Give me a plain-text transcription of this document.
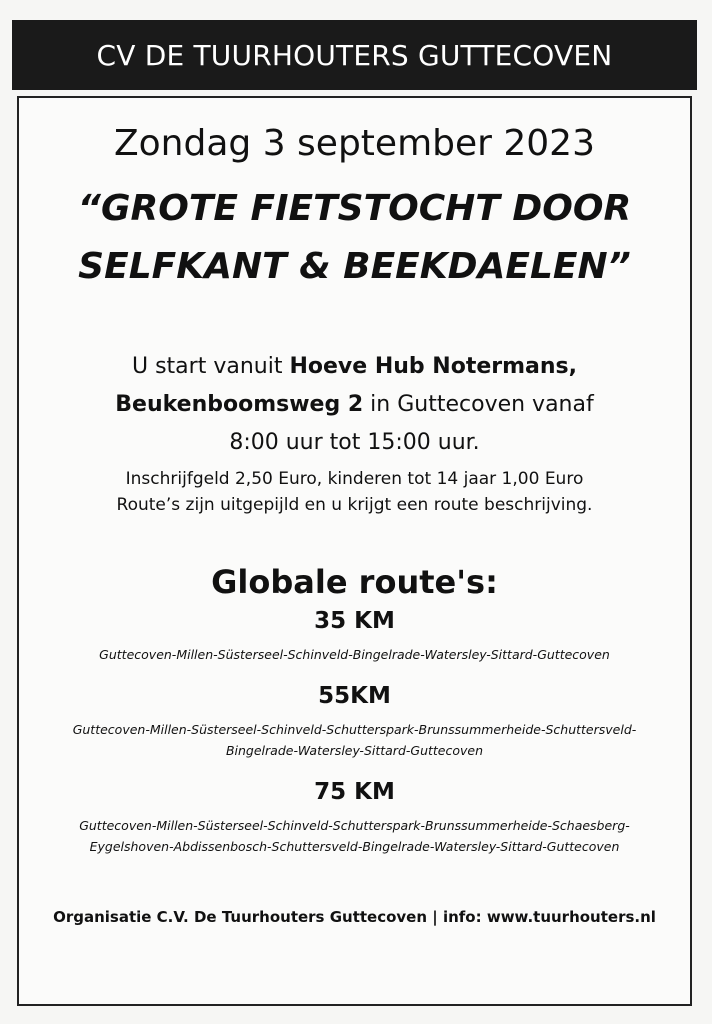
CV DE TUURHOUTERS GUTTECOVEN
Zondag 3 september 2023
“GROTE FIETSTOCHT DOOR
SELFKANT & BEEKDAELEN”
U start vanuit Hoeve Hub Notermans,
Beukenboomsweg 2 in Guttecoven vanaf
8:00 uur tot 15:00 uur.
Inschrijfgeld 2,50 Euro, kinderen tot 14 jaar 1,00 Euro
Route’s zijn uitgepijld en u krijgt een route beschrijving.
Globale route's:
35 KM
Guttecoven-Millen-Süsterseel-Schinveld-Bingelrade-Watersley-Sittard-Guttecoven
55KM
Guttecoven-Millen-Süsterseel-Schinveld-Schutterspark-Brunssummerheide-Schuttersveld-
Bingelrade-Watersley-Sittard-Guttecoven
75 KM
Guttecoven-Millen-Süsterseel-Schinveld-Schutterspark-Brunssummerheide-Schaesberg-
Eygelshoven-Abdissenbosch-Schuttersveld-Bingelrade-Watersley-Sittard-Guttecoven
Organisatie C.V. De Tuurhouters Guttecoven | info: www.tuurhouters.nl
